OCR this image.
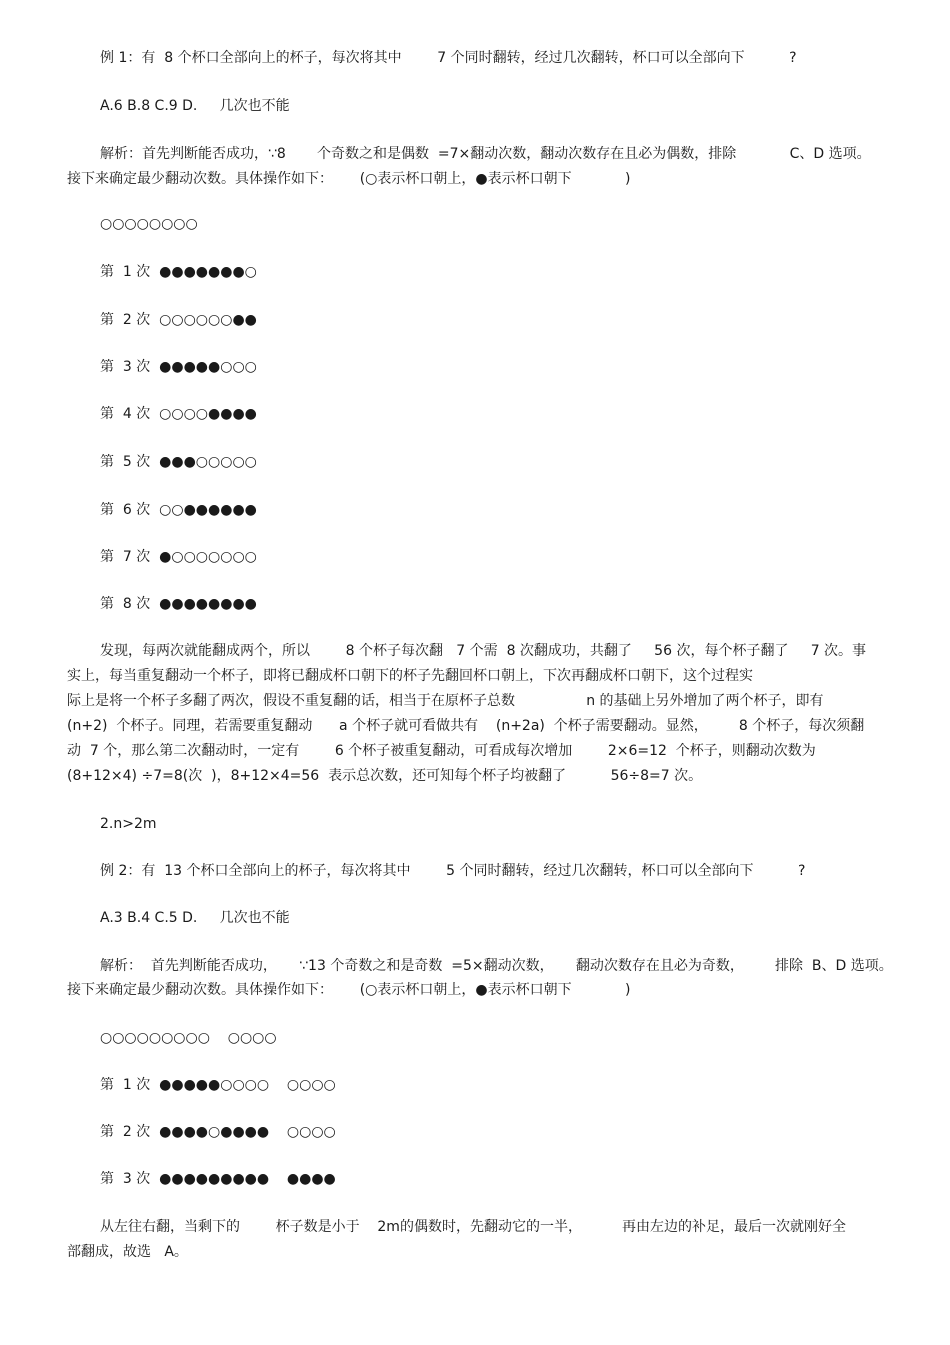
例 1：有  8 个杯口全部向上的杯子，每次将其中        7 个同时翻转，经过几次翻转，杯口可以全部向下          ?
A.6 B.8 C.9 D.     几次也不能
解析：首先判断能否成功，∵8       个奇数之和是偶数  =7×翻动次数，翻动次数存在且必为偶数，排除            C、D 选项。
接下来确定最少翻动次数。具体操作如下：      (○表示杯口朝上，●表示杯口朝下            )
○○○○○○○○
第  1 次  ●●●●●●●○
第  2 次  ○○○○○○●●
第  3 次  ●●●●●○○○
第  4 次  ○○○○●●●●
第  5 次  ●●●○○○○○
第  6 次  ○○●●●●●●
第  7 次  ●○○○○○○○
第  8 次  ●●●●●●●●
发现，每两次就能翻成两个，所以        8 个杯子每次翻   7 个需  8 次翻成功，共翻了     56 次，每个杯子翻了     7 次。事
实上，每当重复翻动一个杯子，即将已翻成杯口朝下的杯子先翻回杯口朝上，下次再翻成杯口朝下，这个过程实
际上是将一个杯子多翻了两次，假设不重复翻的话，相当于在原杯子总数                n 的基础上另外增加了两个杯子，即有
(n+2)  个杯子。同理，若需要重复翻动      a 个杯子就可看做共有    (n+2a)  个杯子需要翻动。显然，       8 个杯子，每次须翻
动  7 个，那么第二次翻动时，一定有        6 个杯子被重复翻动，可看成每次增加        2×6=12  个杯子，则翻动次数为
(8+12×4) ÷7=8(次  )，8+12×4=56  表示总次数，还可知每个杯子均被翻了          56÷8=7 次。
2.n>2m
例 2：有  13 个杯口全部向上的杯子，每次将其中        5 个同时翻转，经过几次翻转，杯口可以全部向下          ?
A.3 B.4 C.5 D.     几次也不能
解析：  首先判断能否成功，     ∵13 个奇数之和是奇数  =5×翻动次数，     翻动次数存在且必为奇数，       排除  B、D 选项。
接下来确定最少翻动次数。具体操作如下：      (○表示杯口朝上，●表示杯口朝下            )
○○○○○○○○○    ○○○○
第  1 次  ●●●●●○○○○    ○○○○
第  2 次  ●●●●○●●●●    ○○○○
第  3 次  ●●●●●●●●●    ●●●●
从左往右翻，当剩下的        杯子数是小于    2m的偶数时，先翻动它的一半，         再由左边的补足，最后一次就刚好全
部翻成，故选   A。
